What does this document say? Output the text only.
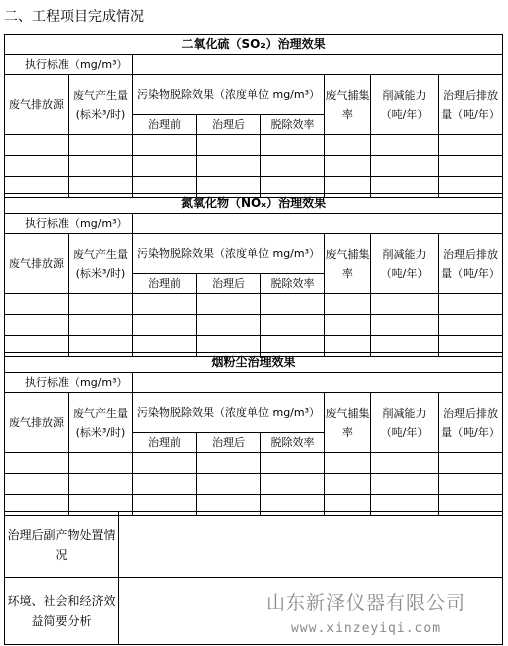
二、工程项目完成情况
二氧化硫（SO₂）治理效果							
执行标准（mg/m³）							
废气排放源	废气产生量(标米³/时)	污染物脱除效果（浓度单位 mg/m³）			废气捕集率	削减能力（吨/年）	治理后排放量（吨/年）
		治理前	治理后	脱除效率			

氮氧化物（NOₓ）治理效果							
执行标准（mg/m³）							
废气排放源	废气产生量(标米³/时)	污染物脱除效果（浓度单位 mg/m³）			废气捕集率	削减能力（吨/年）	治理后排放量（吨/年）
		治理前	治理后	脱除效率			

烟粉尘治理效果							
执行标准（mg/m³）							
废气排放源	废气产生量(标米³/时)	污染物脱除效果（浓度单位 mg/m³）			废气捕集率	削减能力（吨/年）	治理后排放量（吨/年）
		治理前	治理后	脱除效率			

治理后副产物处置情况	
环境、社会和经济效益简要分析	
山东新泽仪器有限公司
www.xinzeyiqi.com
